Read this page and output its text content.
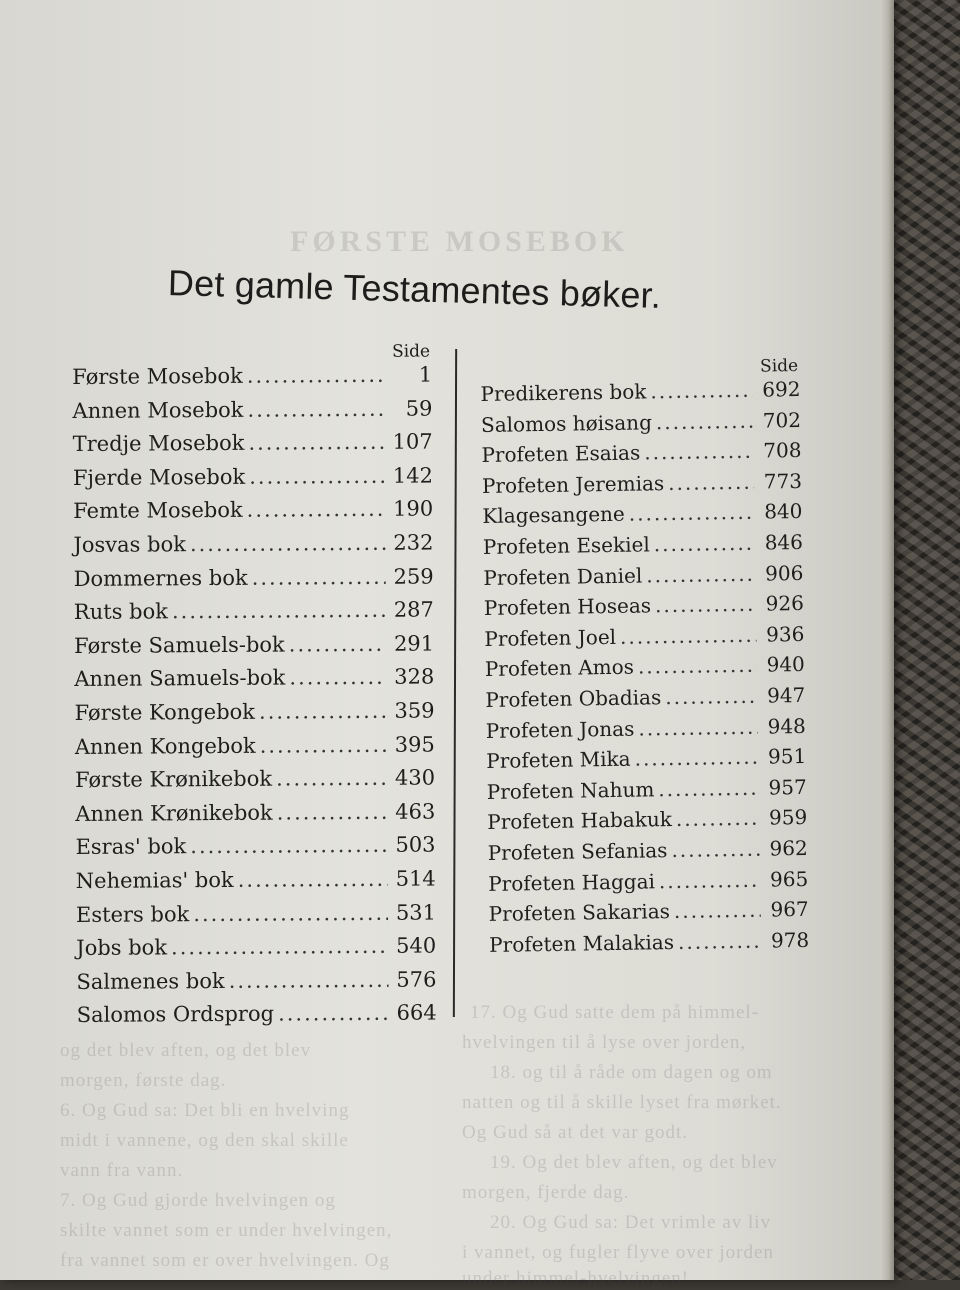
FØRSTE MOSEBOK
17. Og Gud satte dem på himmel-
hvelvingen til å lyse over jorden,
18. og til å råde om dagen og om
natten og til å skille lyset fra mørket.
Og Gud så at det var godt.
19. Og det blev aften, og det blev
morgen, fjerde dag.
20. Og Gud sa: Det vrimle av liv
i vannet, og fugler flyve over jorden
under himmel-hvelvingen!
og det blev aften, og det blev
morgen, første dag.
6. Og Gud sa: Det bli en hvelving
midt i vannene, og den skal skille
vann fra vann.
7. Og Gud gjorde hvelvingen og
skilte vannet som er under hvelvingen,
fra vannet som er over hvelvingen. Og
Det gamle Testamentes bøker.
Side
Første Mosebok .....	1
Annen Mosebok .....	59
Tredje Mosebok .....	107
Fjerde Mosebok .....	142
Femte Mosebok .....	190
Josvas bok .....	232
Dommernes bok .....	259
Ruts bok .....	287
Første Samuels-bok .....	291
Annen Samuels-bok .....	328
Første Kongebok .....	359
Annen Kongebok .....	395
Første Krønikebok .....	430
Annen Krønikebok .....	463
Esras' bok .....	503
Nehemias' bok .....	514
Esters bok .....	531
Jobs bok .....	540
Salmenes bok .....	576
Salomos Ordsprog .....	664
Side
Predikerens bok .....	692
Salomos høisang .....	702
Profeten Esaias .....	708
Profeten Jeremias .....	773
Klagesangene .....	840
Profeten Esekiel .....	846
Profeten Daniel .....	906
Profeten Hoseas .....	926
Profeten Joel .....	936
Profeten Amos .....	940
Profeten Obadias .....	947
Profeten Jonas .....	948
Profeten Mika .....	951
Profeten Nahum .....	957
Profeten Habakuk .....	959
Profeten Sefanias .....	962
Profeten Haggai .....	965
Profeten Sakarias .....	967
Profeten Malakias .....	978
